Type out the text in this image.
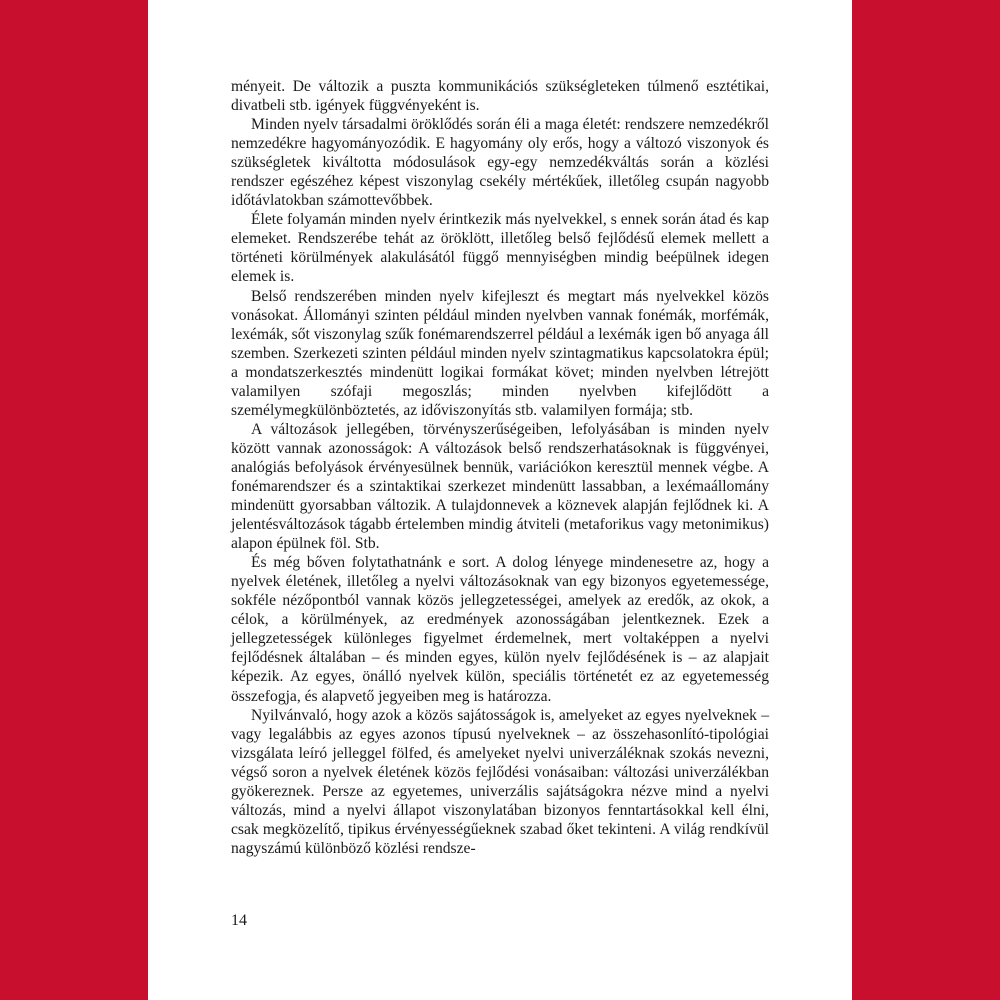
ményeit. De változik a puszta kommunikációs szükségleteken túlmenő esztétikai, divatbeli stb. igények függvényeként is.

Minden nyelv társadalmi öröklődés során éli a maga életét: rendszere nemzedékről nemzedékre hagyományozódik. E hagyomány oly erős, hogy a változó viszonyok és szükségletek kiváltotta módosulások egy-egy nemzedékváltás során a közlési rendszer egészéhez képest viszonylag csekély mértékűek, illetőleg csupán nagyobb időtávlatokban számottevőbbek.

Élete folyamán minden nyelv érintkezik más nyelvekkel, s ennek során átad és kap elemeket. Rendszerébe tehát az öröklött, illetőleg belső fejlődésű elemek mellett a történeti körülmények alakulásától függő mennyiségben mindig beépülnek idegen elemek is.

Belső rendszerében minden nyelv kifejleszt és megtart más nyelvekkel közös vonásokat. Állományi szinten például minden nyelvben vannak fonémák, morfémák, lexémák, sőt viszonylag szűk fonémarendszerrel például a lexémák igen bő anyaga áll szemben. Szerkezeti szinten például minden nyelv szintagmatikus kapcsolatokra épül; a mondatszerkesztés mindenütt logikai formákat követ; minden nyelvben létrejött valamilyen szófaji megoszlás; minden nyelvben kifejlődött a személymegkülönböztetés, az időviszonyítás stb. valamilyen formája; stb.

A változások jellegében, törvényszerűségeiben, lefolyásában is minden nyelv között vannak azonosságok: A változások belső rendszerhatásoknak is függvényei, analógiás befolyások érvényesülnek bennük, variációkon keresztül mennek végbe. A fonémarendszer és a szintaktikai szerkezet mindenütt lassabban, a lexémaállomány mindenütt gyorsabban változik. A tulajdonnevek a köznevek alapján fejlődnek ki. A jelentésváltozások tágabb értelemben mindig átviteli (metaforikus vagy metonimikus) alapon épülnek föl. Stb.

És még bőven folytathatnánk e sort. A dolog lényege mindenesetre az, hogy a nyelvek életének, illetőleg a nyelvi változásoknak van egy bizonyos egyetemessége, sokféle nézőpontból vannak közös jellegzetességei, amelyek az eredők, az okok, a célok, a körülmények, az eredmények azonosságában jelentkeznek. Ezek a jellegzetességek különleges figyelmet érdemelnek, mert voltaképpen a nyelvi fejlődésnek általában – és minden egyes, külön nyelv fejlődésének is – az alapjait képezik. Az egyes, önálló nyelvek külön, speciális történetét ez az egyetemesség összefogja, és alapvető jegyeiben meg is határozza.

Nyilvánvaló, hogy azok a közös sajátosságok is, amelyeket az egyes nyelveknek – vagy legalábbis az egyes azonos típusú nyelveknek – az összehasonlító-tipológiai vizsgálata leíró jelleggel fölfed, és amelyeket nyelvi univerzáléknak szokás nevezni, végső soron a nyelvek életének közös fejlődési vonásaiban: változási univerzálékban gyökereznek. Persze az egyetemes, univerzális sajátságokra nézve mind a nyelvi változás, mind a nyelvi állapot viszonylatában bizonyos fenntartásokkal kell élni, csak megközelítő, tipikus érvényességűeknek szabad őket tekinteni. A világ rendkívül nagyszámú különböző közlési rendsze-

14
